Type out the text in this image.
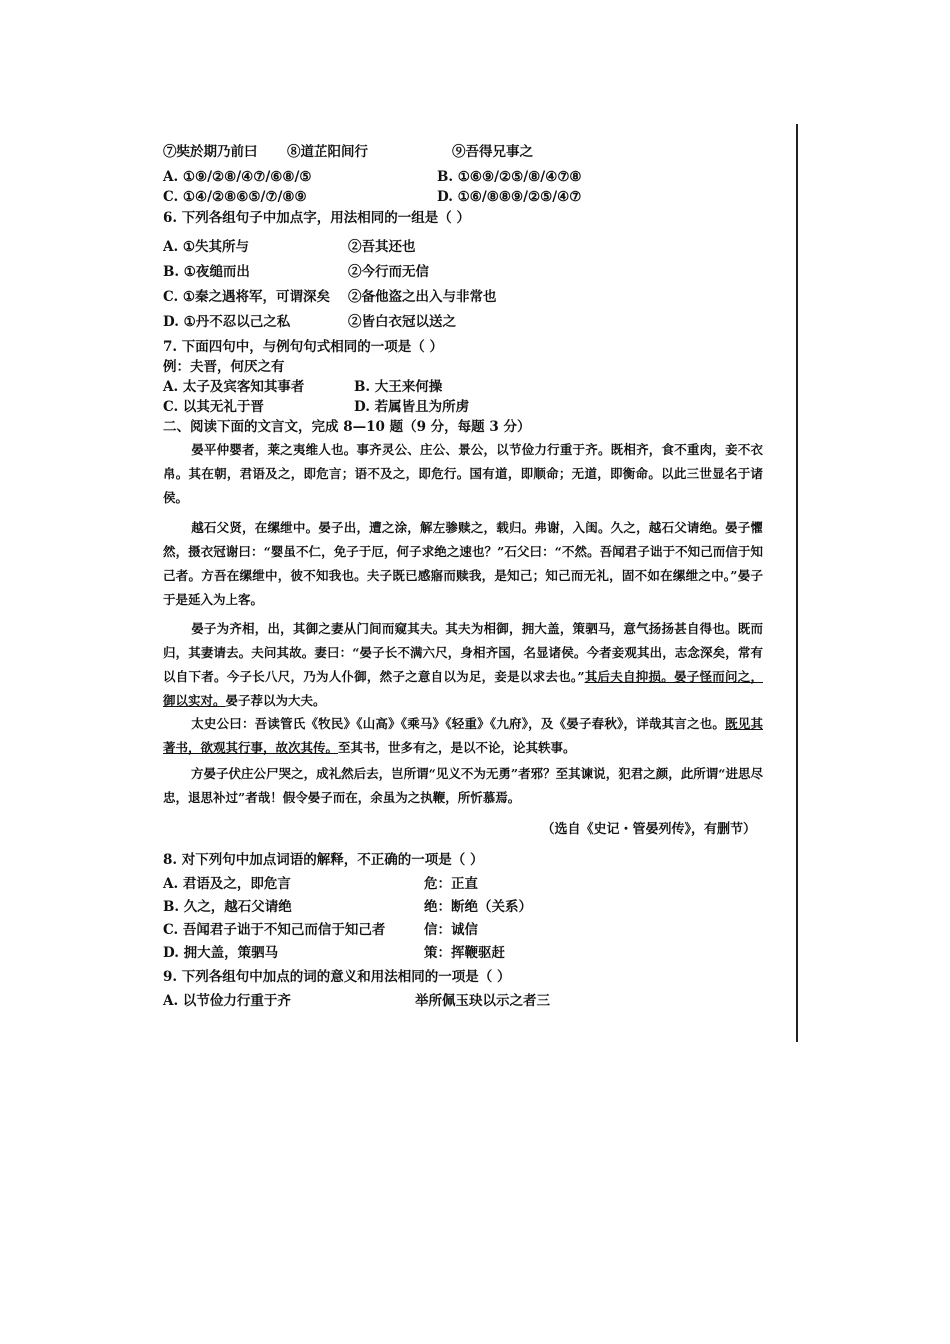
⑦奘於期乃前曰 ⑧道芷阳间行	⑨吾得兄事之
A. ①⑨/②⑧/④⑦/⑥⑧/⑤	B. ①⑥⑨/②⑤/⑧/④⑦⑧
C. ①④/②⑧⑥⑤/⑦/⑧⑨	D. ①⑥/⑧⑧⑨/②⑤/④⑦
6. 下列各组句子中加点字，用法相同的一组是（ ）
A. ①失其所与	②吾其还也
B. ①夜缒而出	②今行而无信
C. ①秦之遇将军，可谓深矣 ②备他盗之出入与非常也
D. ①丹不忍以己之私	②皆白衣冠以送之
7. 下面四句中，与例句句式相同的一项是（ ）
例：夫晋，何厌之有
A. 太子及宾客知其事者	B. 大王来何操
C. 以其无礼于晋	D. 若属皆且为所虏
二、阅读下面的文言文，完成 8—10 题（9 分，每题 3 分）
晏平仲婴者，莱之夷维人也。事齐灵公、庄公、景公，以节俭力行重于齐。既相齐，食不重肉，妾不衣帛。其在朝，君语及之，即危言；语不及之，即危行。国有道，即顺命；无道，即衡命。以此三世显名于诸侯。
越石父贤，在缧绁中。晏子出，遭之涂，解左骖赎之，载归。弗谢，入闺。久之，越石父请绝。晏子懼然，摄衣冠谢曰：“婴虽不仁，免子于厄，何子求绝之速也？”石父曰：“不然。吾闻君子诎于不知己而信于知己者。方吾在缧绁中，彼不知我也。夫子既已感寤而赎我，是知己；知己而无礼，固不如在缧绁之中。”晏子于是延入为上客。
晏子为齐相，出，其御之妻从门间而窥其夫。其夫为相御，拥大盖，策驷马，意气扬扬甚自得也。既而归，其妻请去。夫问其故。妻曰：“晏子长不满六尺，身相齐国，名显诸侯。今者妾观其出，志念深矣，常有以自下者。今子长八尺，乃为人仆御，然子之意自以为足，妾是以求去也。”其后夫自抑损。晏子怪而问之，御以实对。晏子荐以为大夫。
太史公曰：吾读管氏《牧民》《山高》《乘马》《轻重》《九府》，及《晏子春秋》，详哉其言之也。既见其著书，欲观其行事，故次其传。至其书，世多有之，是以不论，论其轶事。
方晏子伏庄公尸哭之，成礼然后去，岂所谓“见义不为无勇”者邪？至其谏说，犯君之颜，此所谓“进思尽忠，退思补过”者哉！假令晏子而在，余虽为之执鞭，所忻慕焉。
（选自《史记・管晏列传》，有删节）
8. 对下列句中加点词语的解释，不正确的一项是（ ）
A. 君语及之，即危言	危：正直
B. 久之，越石父请绝	绝：断绝（关系）
C. 吾闻君子诎于不知己而信于知己者	信：诚信
D. 拥大盖，策驷马	策：挥鞭驱赶
9. 下列各组句中加点的词的意义和用法相同的一项是（ ）
A. 以节俭力行重于齐	举所佩玉玦以示之者三
